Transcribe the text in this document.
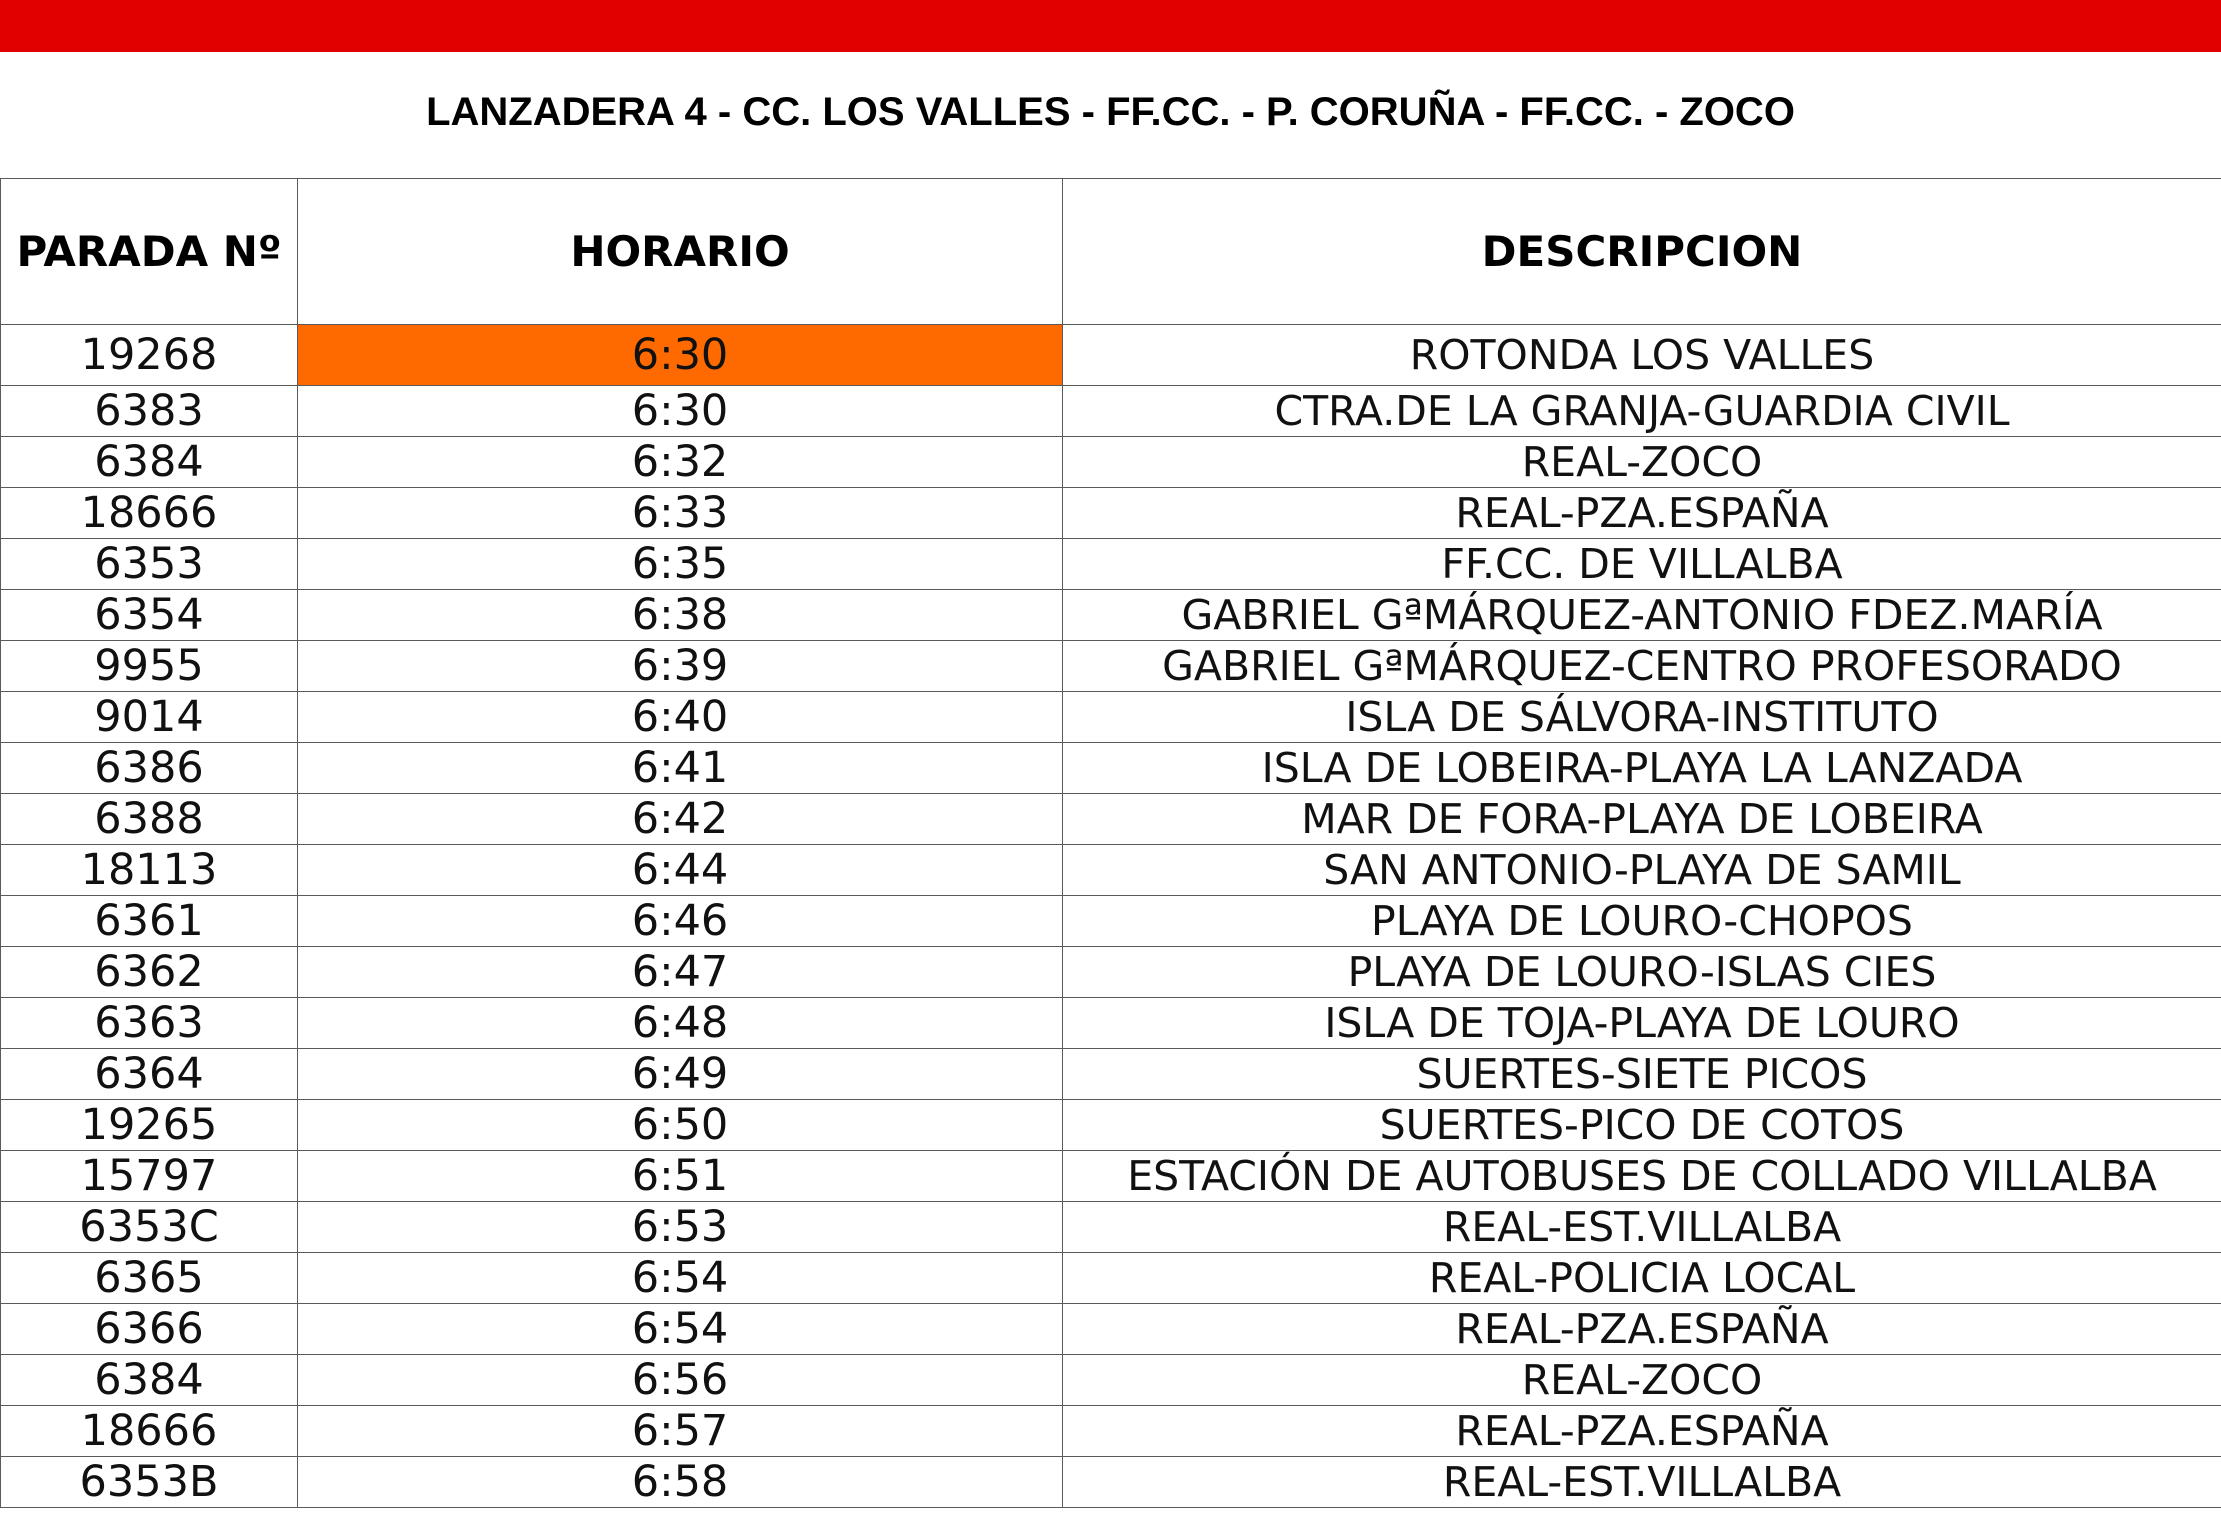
LANZADERA 4 - CC. LOS VALLES - FF.CC. - P. CORUÑA - FF.CC. - ZOCO
PARADA Nº	HORARIO	DESCRIPCION
19268	6:30	ROTONDA LOS VALLES
6383	6:30	CTRA.DE LA GRANJA-GUARDIA CIVIL
6384	6:32	REAL-ZOCO
18666	6:33	REAL-PZA.ESPAÑA
6353	6:35	FF.CC. DE VILLALBA
6354	6:38	GABRIEL GªMÁRQUEZ-ANTONIO FDEZ.MARÍA
9955	6:39	GABRIEL GªMÁRQUEZ-CENTRO PROFESORADO
9014	6:40	ISLA DE SÁLVORA-INSTITUTO
6386	6:41	ISLA DE LOBEIRA-PLAYA LA LANZADA
6388	6:42	MAR DE FORA-PLAYA DE LOBEIRA
18113	6:44	SAN ANTONIO-PLAYA DE SAMIL
6361	6:46	PLAYA DE LOURO-CHOPOS
6362	6:47	PLAYA DE LOURO-ISLAS CIES
6363	6:48	ISLA DE TOJA-PLAYA DE LOURO
6364	6:49	SUERTES-SIETE PICOS
19265	6:50	SUERTES-PICO DE COTOS
15797	6:51	ESTACIÓN DE AUTOBUSES DE COLLADO VILLALBA
6353C	6:53	REAL-EST.VILLALBA
6365	6:54	REAL-POLICIA LOCAL
6366	6:54	REAL-PZA.ESPAÑA
6384	6:56	REAL-ZOCO
18666	6:57	REAL-PZA.ESPAÑA
6353B	6:58	REAL-EST.VILLALBA
